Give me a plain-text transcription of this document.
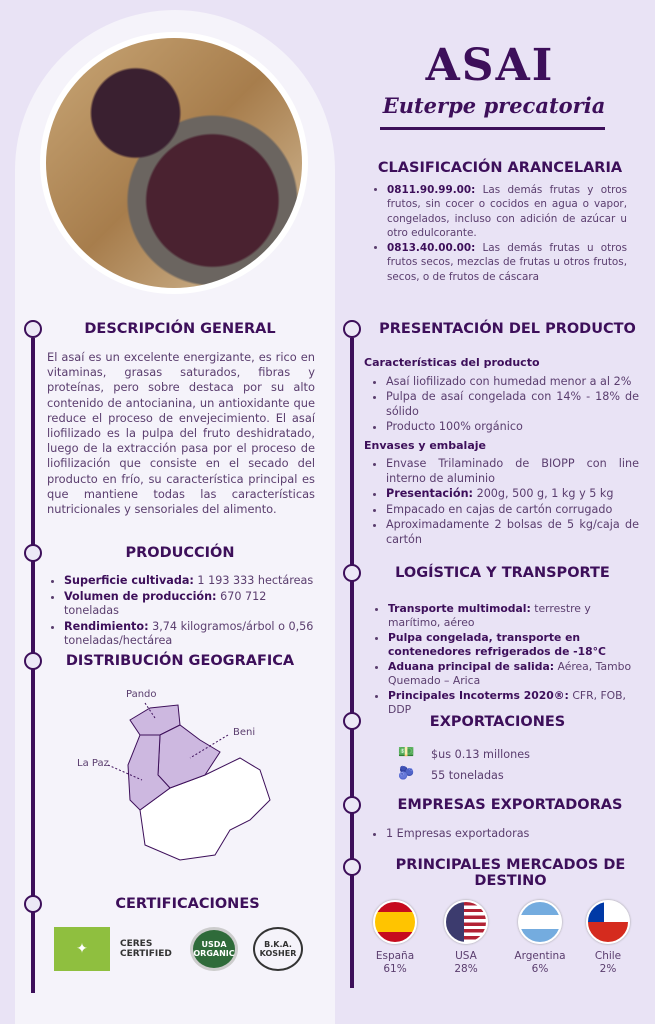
ASAI
Euterpe precatoria
CLASIFICACIÓN ARANCELARIA
• 0811.90.99.00: Las demás frutas y otros frutos, sin cocer o cocidos en agua o vapor, congelados, incluso con adición de azúcar u otro edulcorante.
• 0813.40.00.00: Las demás frutas u otros frutos secos, mezclas de frutas u otros frutos, secos, o de frutos de cáscara
DESCRIPCIÓN GENERAL
El asaí es un excelente energizante, es rico en vitaminas, grasas saturados, fibras y proteínas, pero sobre destaca por su alto contenido de antocianina, un antioxidante que reduce el proceso de envejecimiento. El asaí liofilizado es la pulpa del fruto deshidratado, luego de la extracción pasa por el proceso de liofilización que consiste en el secado del producto en frío, su característica principal es que mantiene todas las características nutricionales y sensoriales del alimento.
PRODUCCIÓN
• Superficie cultivada: 1 193 333 hectáreas
• Volumen de producción: 670 712 toneladas
• Rendimiento: 3,74 kilogramos/árbol o 0,56 toneladas/hectárea
DISTRIBUCIÓN GEOGRAFICA
Pando
Beni
La Paz
CERTIFICACIONES
✦	CERES CERTIFIED
USDA ORGANIC
B.K.A. KOSHER
PRESENTACIÓN DEL PRODUCTO
Características del producto
• Asaí liofilizado con humedad menor a al 2%
• Pulpa de asaí congelada con 14% - 18% de sólido
• Producto 100% orgánico
Envases y embalaje
• Envase Trilaminado de BIOPP con line interno de aluminio
• Presentación: 200g, 500 g, 1 kg y 5 kg
• Empacado en cajas de cartón corrugado
• Aproximadamente 2 bolsas de 5 kg/caja de cartón
LOGÍSTICA Y TRANSPORTE
• Transporte multimodal: terrestre y marítimo, aéreo
• Pulpa congelada, transporte en contenedores refrigerados de -18°C
• Aduana principal de salida: Aérea, Tambo Quemado – Arica
• Principales Incoterms 2020®: CFR, FOB, DDP
EXPORTACIONES
💵 $us 0.13 millones
🫐 55 toneladas
EMPRESAS EXPORTADORAS
• 1 Empresas exportadoras
PRINCIPALES MERCADOS DE DESTINO
España
61%
USA
28%
Argentina
6%
Chile
2%
